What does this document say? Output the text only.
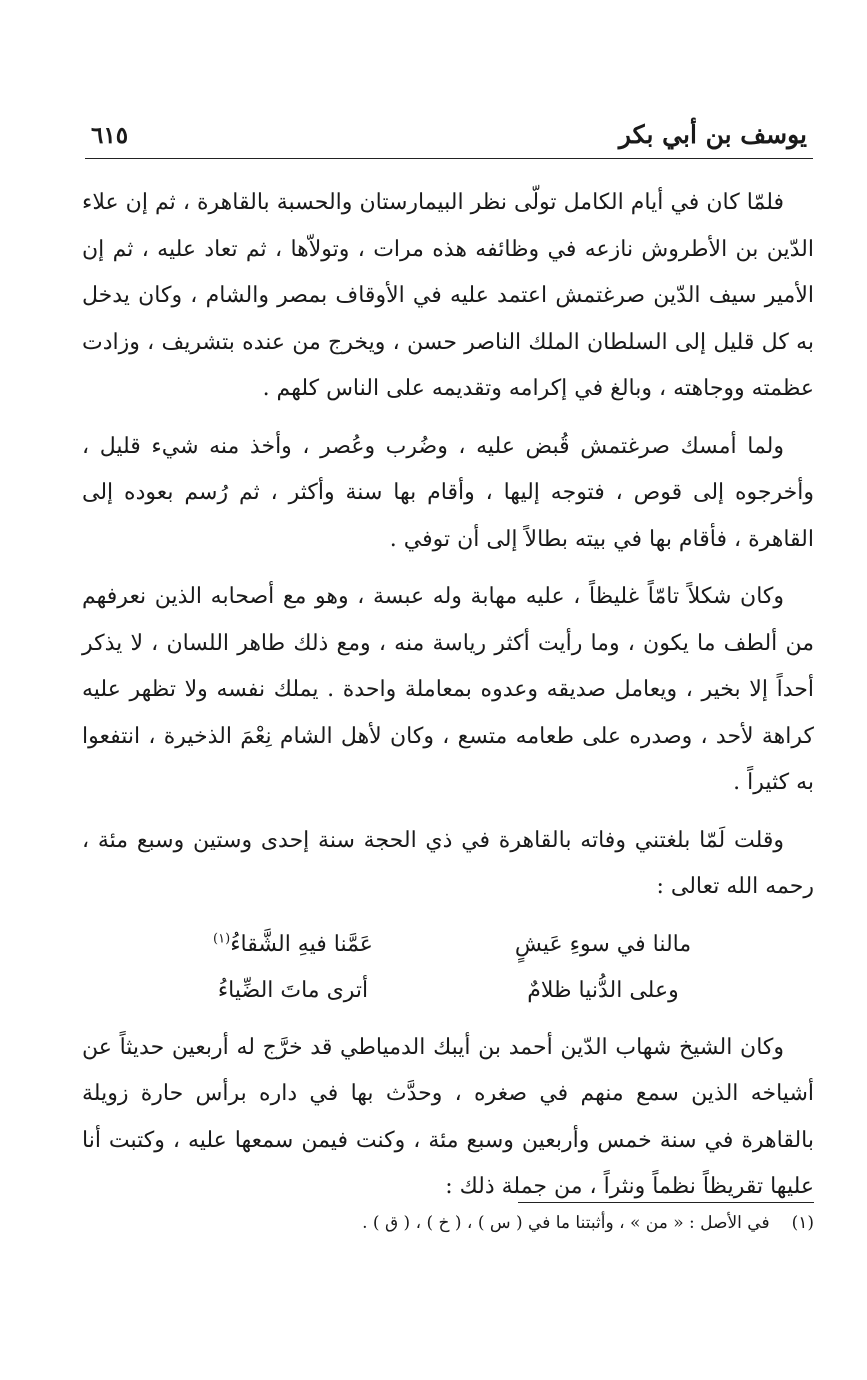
يوسف بن أبي بكر
٦١٥

فلمّا كان في أيام الكامل تولّى نظر البيمارستان والحسبة بالقاهرة ، ثم إن علاء الدّين بن الأطروش نازعه في وظائفه هذه مرات ، وتولاّها ، ثم تعاد عليه ، ثم إن الأمير سيف الدّين صرغتمش اعتمد عليه في الأوقاف بمصر والشام ، وكان يدخل به كل قليل إلى السلطان الملك الناصر حسن ، ويخرج من عنده بتشريف ، وزادت عظمته ووجاهته ، وبالغ في إكرامه وتقديمه على الناس كلهم .

ولما أمسك صرغتمش قُبض عليه ، وضُرب وعُصر ، وأخذ منه شيء قليل ، وأخرجوه إلى قوص ، فتوجه إليها ، وأقام بها سنة وأكثر ، ثم رُسم بعوده إلى القاهرة ، فأقام بها في بيته بطالاً إلى أن توفي .

وكان شكلاً تامّاً غليظاً ، عليه مهابة وله عبسة ، وهو مع أصحابه الذين نعرفهم من ألطف ما يكون ، وما رأيت أكثر رياسة منه ، ومع ذلك طاهر اللسان ، لا يذكر أحداً إلا بخير ، ويعامل صديقه وعدوه بمعاملة واحدة . يملك نفسه ولا تظهر عليه كراهة لأحد ، وصدره على طعامه متسع ، وكان لأهل الشام نِعْمَ الذخيرة ، انتفعوا به كثيراً .

وقلت لَمّا بلغتني وفاته بالقاهرة في ذي الحجة سنة إحدى وستين وسبع مئة ، رحمه الله تعالى :

مالنا في سوءِ عَيشٍ
عَمَّنا فيهِ الشَّقاءُ$^{(١)}$
وعلى الدُّنيا ظلامٌ
أترى ماتَ الضِّياءُ

وكان الشيخ شهاب الدّين أحمد بن أيبك الدمياطي قد خرَّج له أربعين حديثاً عن أشياخه الذين سمع منهم في صغره ، وحدَّث بها في داره برأس حارة زويلة بالقاهرة في سنة خمس وأربعين وسبع مئة ، وكنت فيمن سمعها عليه ، وكتبت أنا عليها تقريظاً نظماً ونثراً ، من جملة ذلك :

(١)في الأصل : « من » ، وأثبتنا ما في ( س ) ، ( خ ) ، ( ق ) .
